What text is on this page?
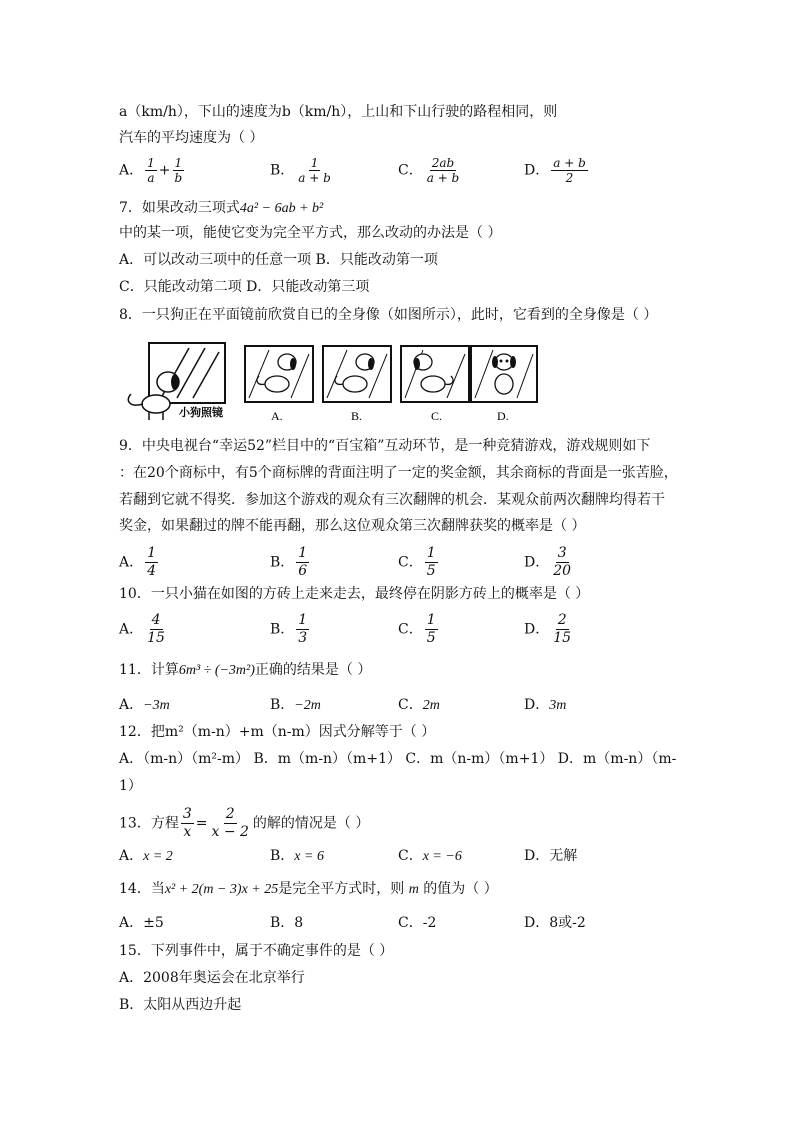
a（km/h），下山的速度为b（km/h），上山和下山行驶的路程相同，则
汽车的平均速度为（ ）
A． $\frac{1}{a} + \frac{1}{b}$	B． $\frac{1}{a + b}$	C． $\frac{2ab}{a + b}$	D． $\frac{a + b}{2}$
7．如果改动三项式4a² − 6ab + b²
中的某一项，能使它变为完全平方式，那么改动的办法是（ ）
A．可以改动三项中的任意一项 B．只能改动第一项
C．只能改动第二项 D．只能改动第三项
8．一只狗正在平面镜前欣赏自已的全身像（如图所示），此时，它看到的全身像是（ ）
小狗照镜	A.	B.	C.	D.
9．中央电视台“幸运52”栏目中的“百宝箱”互动环节，是一种竞猜游戏，游戏规则如下
：在20个商标中，有5个商标牌的背面注明了一定的奖金额，其余商标的背面是一张苦脸，
若翻到它就不得奖．参加这个游戏的观众有三次翻牌的机会．某观众前两次翻牌均得若干
奖金，如果翻过的牌不能再翻，那么这位观众第三次翻牌获奖的概率是（ ）
A． $\frac{1}{4}$	B． $\frac{1}{6}$	C． $\frac{1}{5}$	D． $\frac{3}{20}$
10．一只小猫在如图的方砖上走来走去，最终停在阴影方砖上的概率是（ ）
A． $\frac{4}{15}$	B． $\frac{1}{3}$	C． $\frac{1}{5}$	D． $\frac{2}{15}$
11．计算6m³ ÷ (−3m²)正确的结果是（ ）
A．−3m	B．−2m	C．2m	D．3m
12．把m²（m-n）+m（n-m）因式分解等于（ ）
A．（m-n）（m²-m） B．m（m-n）（m+1） C．m（n-m）（m+1） D．m（m-n）（m-
1）
13．方程 $\frac{3}{x} = \frac{2}{x - 2}$ 的解的情况是（ ）
A．x = 2	B．x = 6	C．x = −6	D．无解
14．当x² + 2(m − 3)x + 25是完全平方式时，则 m 的值为（ ）
A．±5	B．8	C．-2	D．8或-2
15．下列事件中，属于不确定事件的是（ ）
A．2008年奥运会在北京举行
B．太阳从西边升起
